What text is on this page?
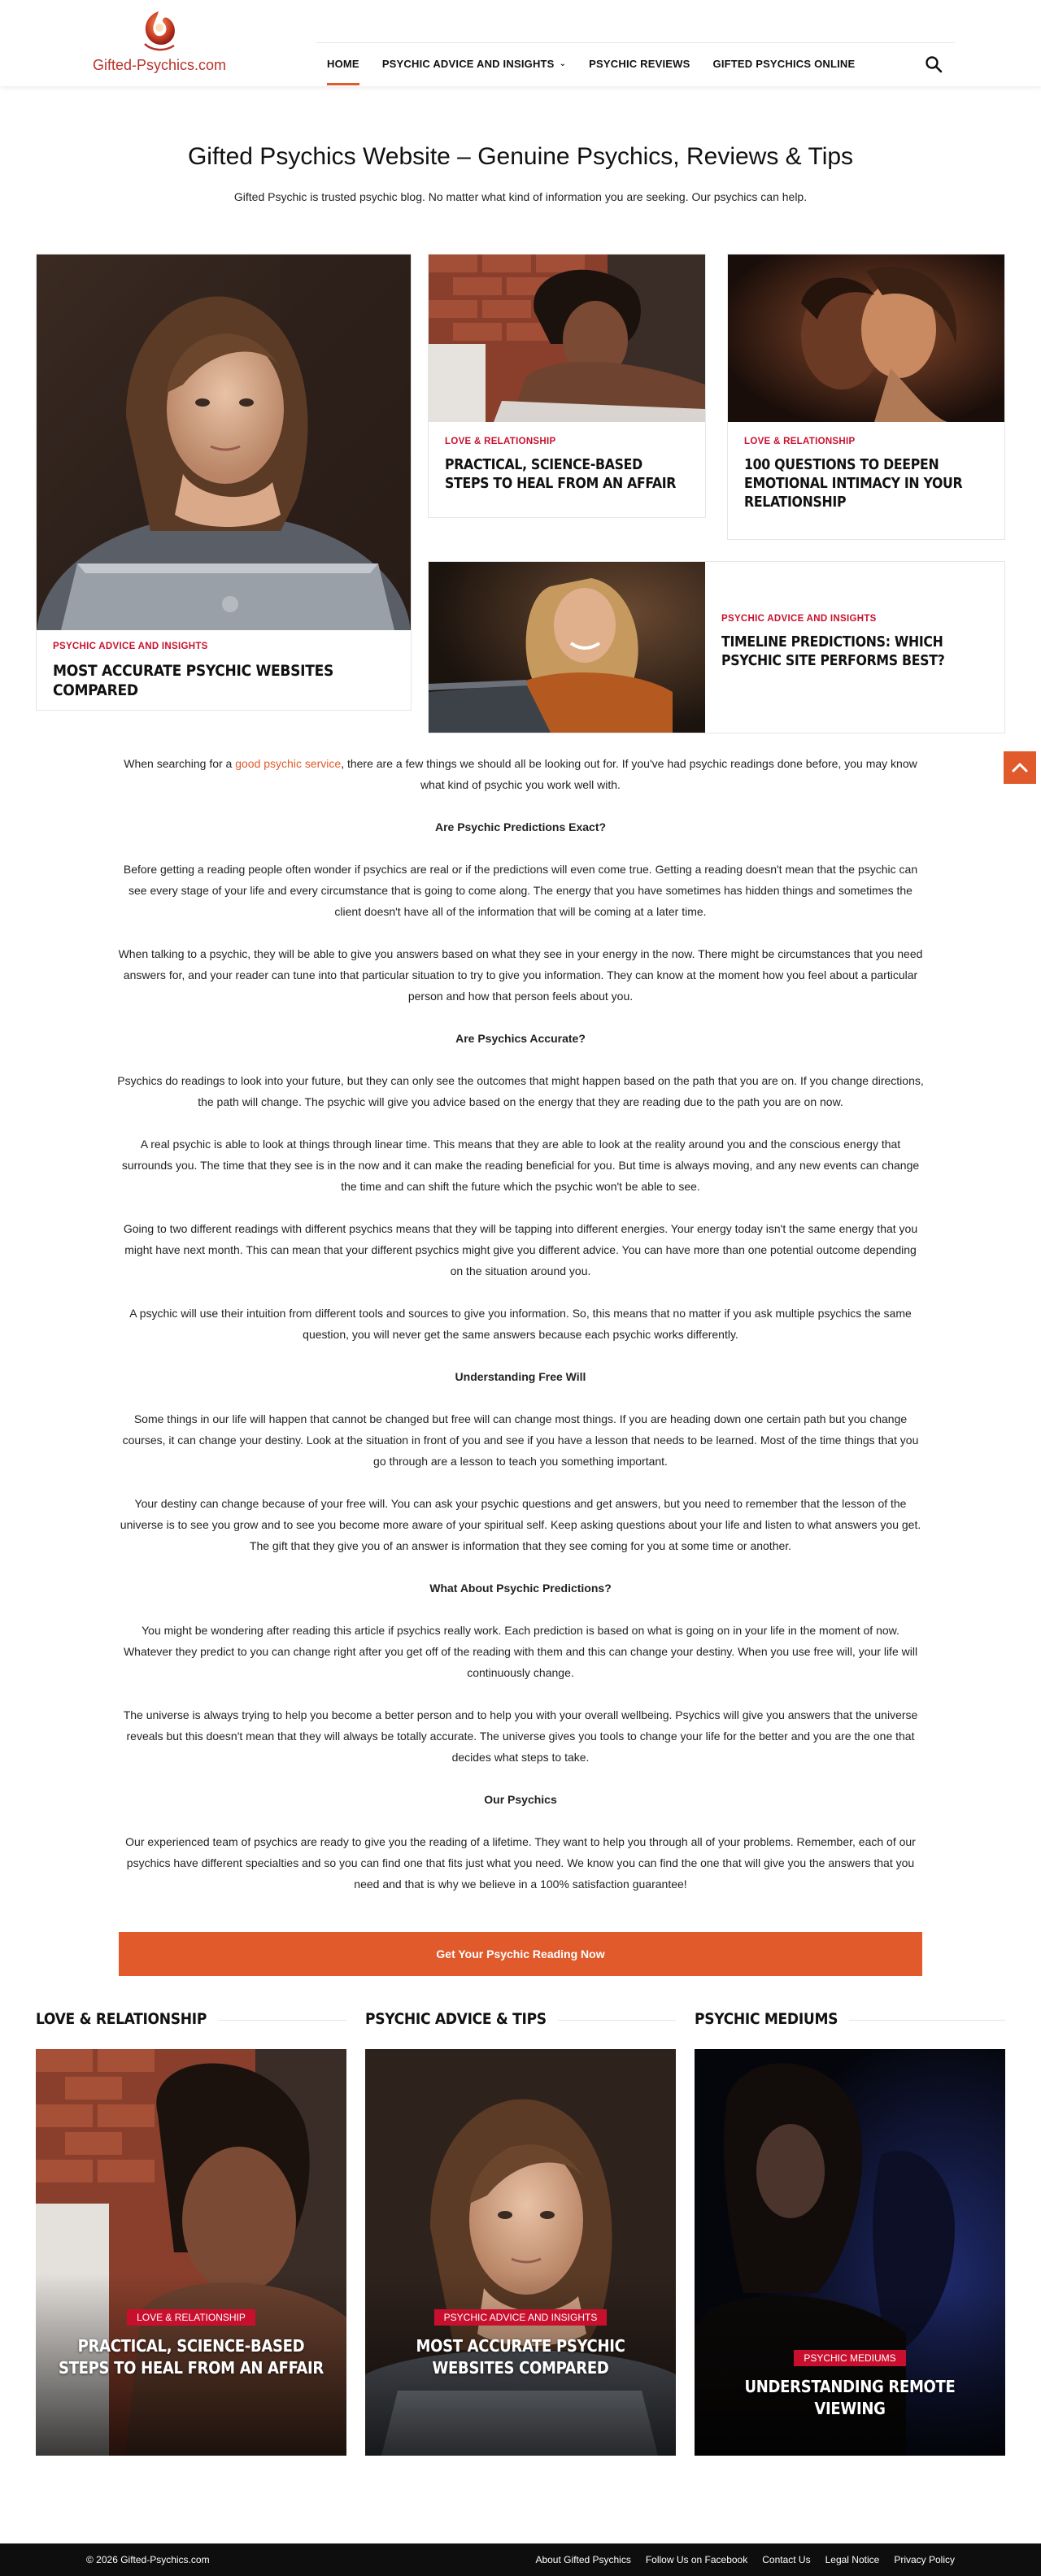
Gifted-Psychics.com	HOME PSYCHIC ADVICE AND INSIGHTS ⌄ PSYCHIC REVIEWS GIFTED PSYCHICS ONLINE
Gifted Psychics Website – Genuine Psychics, Reviews & Tips

Gifted Psychic is trusted psychic blog. No matter what kind of information you are seeking. Our psychics can help.

PSYCHIC ADVICE AND INSIGHTS
MOST ACCURATE PSYCHIC WEBSITES COMPARED
LOVE & RELATIONSHIP
PRACTICAL, SCIENCE-BASED STEPS TO HEAL FROM AN AFFAIR
LOVE & RELATIONSHIP
100 QUESTIONS TO DEEPEN EMOTIONAL INTIMACY IN YOUR RELATIONSHIP
PSYCHIC ADVICE AND INSIGHTS
TIMELINE PREDICTIONS: WHICH PSYCHIC SITE PERFORMS BEST?

When searching for a good psychic service, there are a few things we should all be looking out for. If you've had psychic readings done before, you may know what kind of psychic you work well with.

Are Psychic Predictions Exact?

Before getting a reading people often wonder if psychics are real or if the predictions will even come true. Getting a reading doesn't mean that the psychic can see every stage of your life and every circumstance that is going to come along. The energy that you have sometimes has hidden things and sometimes the client doesn't have all of the information that will be coming at a later time.

When talking to a psychic, they will be able to give you answers based on what they see in your energy in the now. There might be circumstances that you need answers for, and your reader can tune into that particular situation to try to give you information. They can know at the moment how you feel about a particular person and how that person feels about you.

Are Psychics Accurate?

Psychics do readings to look into your future, but they can only see the outcomes that might happen based on the path that you are on. If you change directions, the path will change. The psychic will give you advice based on the energy that they are reading due to the path you are on now.

A real psychic is able to look at things through linear time. This means that they are able to look at the reality around you and the conscious energy that surrounds you. The time that they see is in the now and it can make the reading beneficial for you. But time is always moving, and any new events can change the time and can shift the future which the psychic won't be able to see.

Going to two different readings with different psychics means that they will be tapping into different energies. Your energy today isn't the same energy that you might have next month. This can mean that your different psychics might give you different advice. You can have more than one potential outcome depending on the situation around you.

A psychic will use their intuition from different tools and sources to give you information. So, this means that no matter if you ask multiple psychics the same question, you will never get the same answers because each psychic works differently.

Understanding Free Will

Some things in our life will happen that cannot be changed but free will can change most things. If you are heading down one certain path but you change courses, it can change your destiny. Look at the situation in front of you and see if you have a lesson that needs to be learned. Most of the time things that you go through are a lesson to teach you something important.

Your destiny can change because of your free will. You can ask your psychic questions and get answers, but you need to remember that the lesson of the universe is to see you grow and to see you become more aware of your spiritual self. Keep asking questions about your life and listen to what answers you get. The gift that they give you of an answer is information that they see coming for you at some time or another.

What About Psychic Predictions?

You might be wondering after reading this article if psychics really work. Each prediction is based on what is going on in your life in the moment of now. Whatever they predict to you can change right after you get off of the reading with them and this can change your destiny. When you use free will, your life will continuously change.

The universe is always trying to help you become a better person and to help you with your overall wellbeing. Psychics will give you answers that the universe reveals but this doesn't mean that they will always be totally accurate. The universe gives you tools to change your life for the better and you are the one that decides what steps to take.

Our Psychics

Our experienced team of psychics are ready to give you the reading of a lifetime. They want to help you through all of your problems. Remember, each of our psychics have different specialties and so you can find one that fits just what you need. We know you can find the one that will give you the answers that you need and that is why we believe in a 100% satisfaction guarantee!

Get Your Psychic Reading Now
LOVE & RELATIONSHIP	PSYCHIC ADVICE & TIPS	PSYCHIC MEDIUMS
LOVE & RELATIONSHIP
PRACTICAL, SCIENCE-BASED STEPS TO HEAL FROM AN AFFAIR
PSYCHIC ADVICE AND INSIGHTS
MOST ACCURATE PSYCHIC WEBSITES COMPARED	PSYCHIC MEDIUMS
UNDERSTANDING REMOTE VIEWING
© 2026 Gifted-Psychics.com	About Gifted Psychics Follow Us on Facebook Contact Us Legal Notice Privacy Policy
